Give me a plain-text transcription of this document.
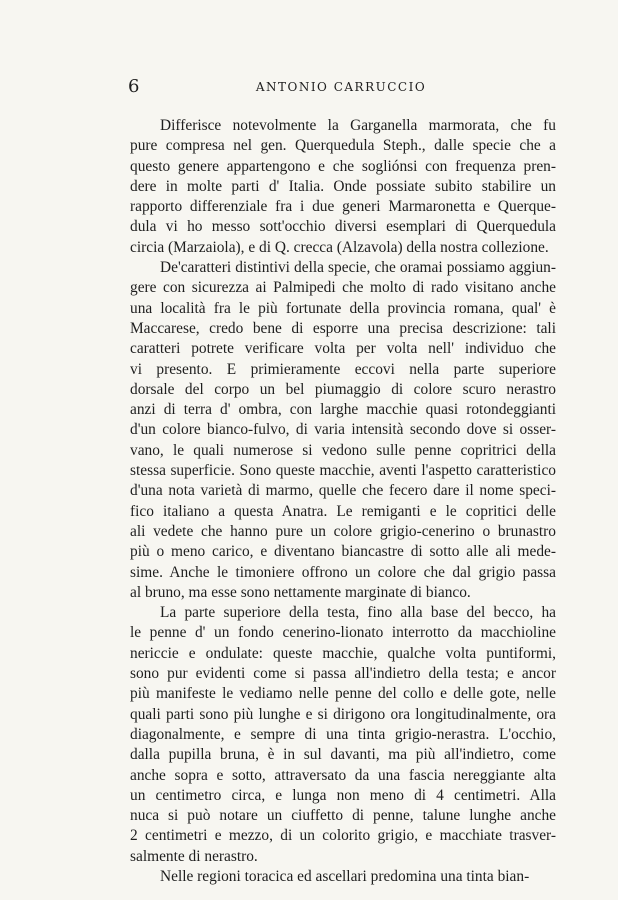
6	ANTONIO CARRUCCIO
Differisce notevolmente la Garganella marmorata, che fu
pure compresa nel gen. Querquedula Steph., dalle specie che a
questo genere appartengono e che sogliónsi con frequenza pren-
dere in molte parti d' Italia. Onde possiate subito stabilire un
rapporto differenziale fra i due generi Marmaronetta e Querque-
dula vi ho messo sott'occhio diversi esemplari di Querquedula
circia (Marzaiola), e di Q. crecca (Alzavola) della nostra collezione.
De'caratteri distintivi della specie, che oramai possiamo aggiun-
gere con sicurezza ai Palmipedi che molto di rado visitano anche
una località fra le più fortunate della provincia romana, qual' è
Maccarese, credo bene di esporre una precisa descrizione: tali
caratteri potrete verificare volta per volta nell' individuo che
vi presento. E primieramente eccovi nella parte superiore
dorsale del corpo un bel piumaggio di colore scuro nerastro
anzi di terra d' ombra, con larghe macchie quasi rotondeggianti
d'un colore bianco-fulvo, di varia intensità secondo dove si osser-
vano, le quali numerose si vedono sulle penne copritrici della
stessa superficie. Sono queste macchie, aventi l'aspetto caratteristico
d'una nota varietà di marmo, quelle che fecero dare il nome speci-
fico italiano a questa Anatra. Le remiganti e le copritici delle
ali vedete che hanno pure un colore grigio-cenerino o brunastro
più o meno carico, e diventano biancastre di sotto alle ali mede-
sime. Anche le timoniere offrono un colore che dal grigio passa
al bruno, ma esse sono nettamente marginate di bianco.
La parte superiore della testa, fino alla base del becco, ha
le penne d' un fondo cenerino-lionato interrotto da macchioline
nericcie e ondulate: queste macchie, qualche volta puntiformi,
sono pur evidenti come si passa all'indietro della testa; e ancor
più manifeste le vediamo nelle penne del collo e delle gote, nelle
quali parti sono più lunghe e si dirigono ora longitudinalmente, ora
diagonalmente, e sempre di una tinta grigio-nerastra. L'occhio,
dalla pupilla bruna, è in sul davanti, ma più all'indietro, come
anche sopra e sotto, attraversato da una fascia nereggiante alta
un centimetro circa, e lunga non meno di 4 centimetri. Alla
nuca si può notare un ciuffetto di penne, talune lunghe anche
2 centimetri e mezzo, di un colorito grigio, e macchiate trasver-
salmente di nerastro.
Nelle regioni toracica ed ascellari predomina una tinta bian-
